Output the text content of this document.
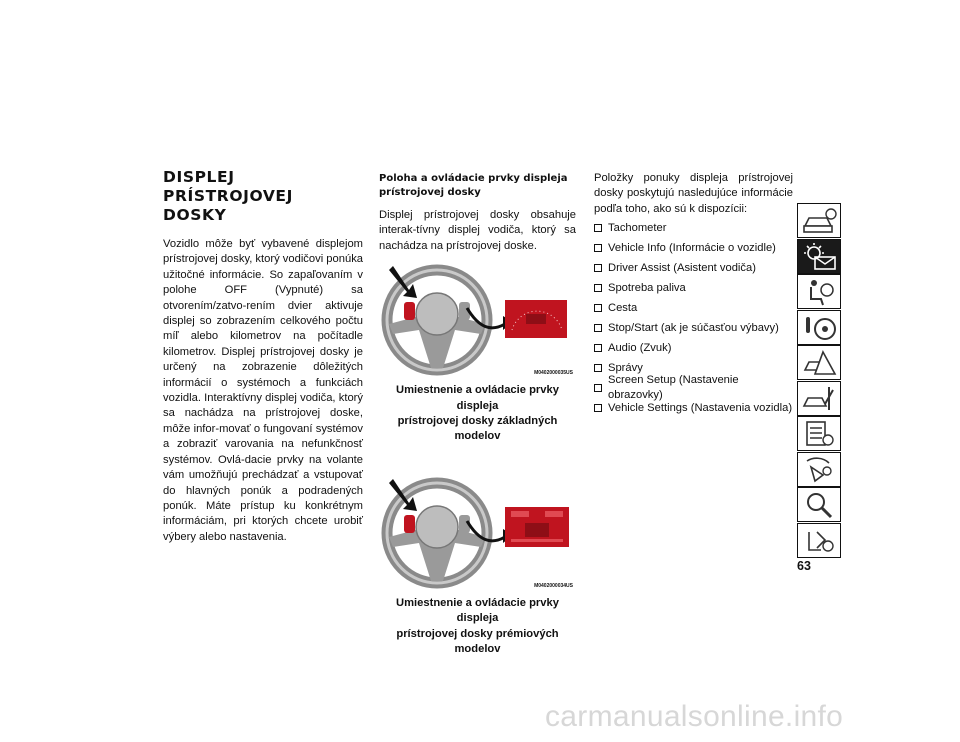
DISPLEJ PRÍSTROJOVEJ
DOSKY

Vozidlo môže byť vybavené displejom prístrojovej dosky, ktorý vodičovi ponúka užitočné informácie. So zapaľovaním v polohe OFF (Vypnuté) sa otvorením/zatvo-rením dvier aktivuje displej so zobrazením celkového počtu míľ alebo kilometrov na počítadle kilometrov. Displej prístrojovej dosky je určený na zobrazenie dôležitých informácií o systémoch a funkciách vozidla. Interaktívny displej vodiča, ktorý sa nachádza na prístrojovej doske, môže infor-movať o fungovaní systémov a zobraziť varovania na nefunkčnosť systémov. Ovlá-dacie prvky na volante vám umožňujú prechádzať a vstupovať do hlavných ponúk a podradených ponúk. Máte prístup ku konkrétnym informáciám, pri ktorých chcete urobiť výbery alebo nastavenia.

Poloha a ovládacie prvky displeja
prístrojovej dosky

Displej prístrojovej dosky obsahuje interak-tívny displej vodiča, ktorý sa nachádza na prístrojovej doske.

M0402000035US
Umiestnenie a ovládacie prvky displeja
prístrojovej dosky základných modelov
M0402000034US
Umiestnenie a ovládacie prvky displeja
prístrojovej dosky prémiových modelov

Položky ponuky displeja prístrojovej dosky poskytujú nasledujúce informácie podľa toho, ako sú k dispozícii:

Tachometer
Vehicle Info (Informácie o vozidle)
Driver Assist (Asistent vodiča)
Spotreba paliva
Cesta
Stop/Start (ak je súčasťou výbavy)
Audio (Zvuk)
Správy
Screen Setup (Nastavenie obrazovky)
Vehicle Settings (Nastavenia vozidla)
63
carmanualsonline.info
